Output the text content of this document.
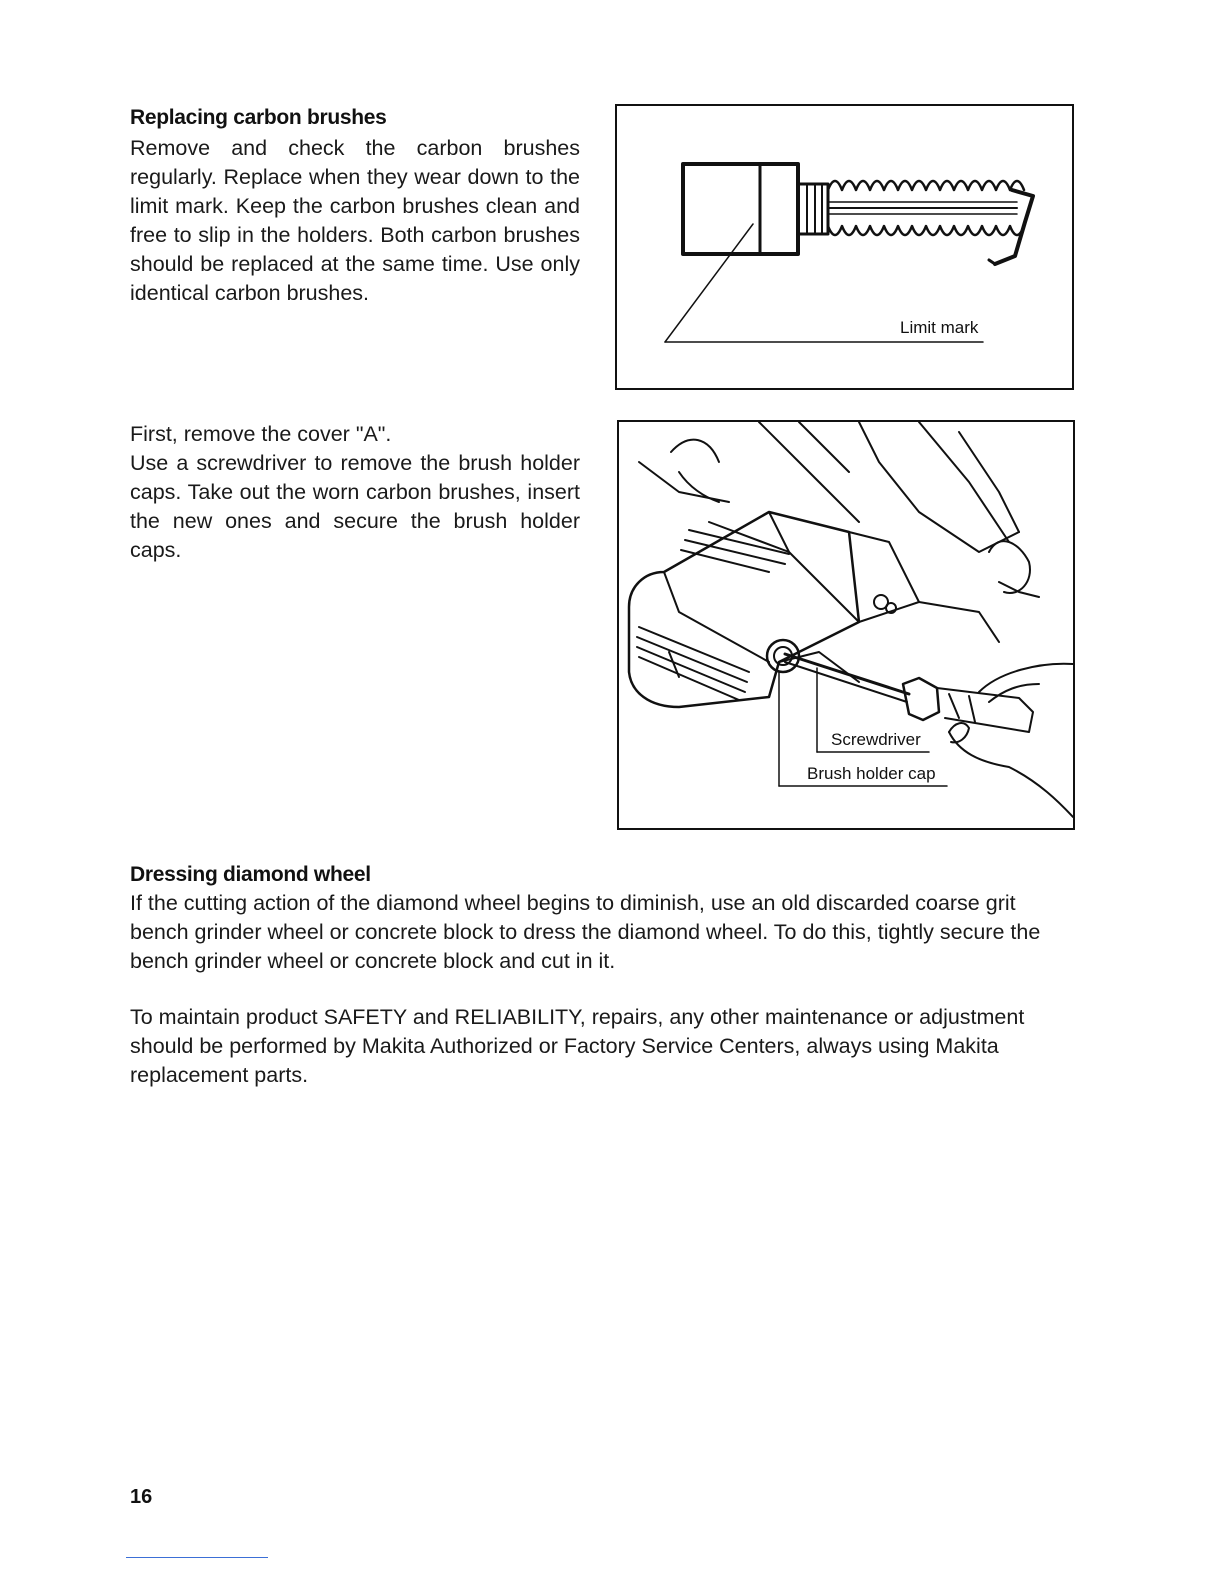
Replacing carbon brushes

Remove and check the carbon brushes regularly. Replace when they wear down to the limit mark. Keep the carbon brushes clean and free to slip in the holders. Both carbon brushes should be replaced at the same time. Use only identical carbon brushes.

Limit mark

First, remove the cover "A".

Use a screwdriver to remove the brush holder caps. Take out the worn carbon brushes, insert the new ones and secure the brush holder caps.

Screwdriver
Brush holder cap
Dressing diamond wheel

If the cutting action of the diamond wheel begins to diminish, use an old discarded coarse grit bench grinder wheel or concrete block to dress the diamond wheel. To do this, tightly secure the bench grinder wheel or concrete block and cut in it.

To maintain product SAFETY and RELIABILITY, repairs, any other maintenance or adjustment should be performed by Makita Authorized or Factory Service Centers, always using Makita replacement parts.

16
